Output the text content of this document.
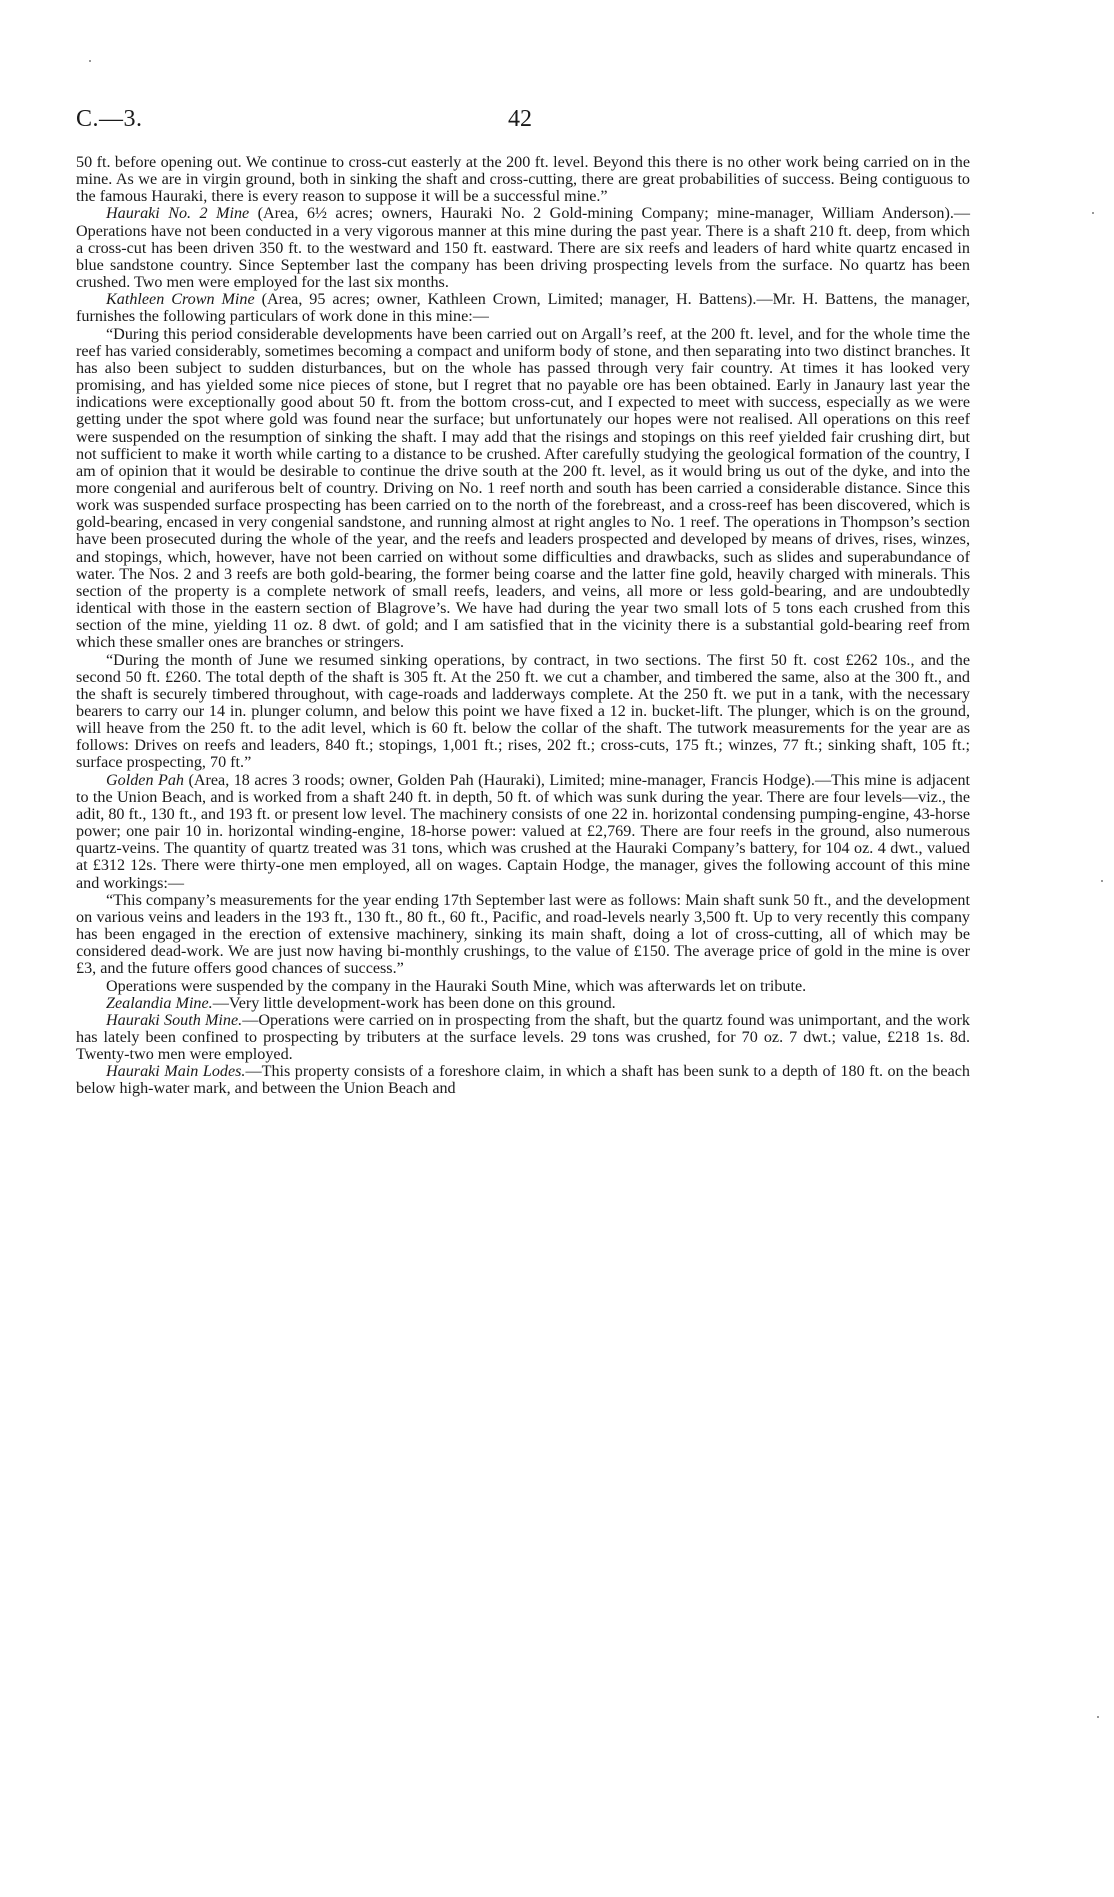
C.—3.	42

50 ft. before opening out. We continue to cross-cut easterly at the 200 ft. level. Beyond this there is no other work being carried on in the mine. As we are in virgin ground, both in sinking the shaft and cross-cutting, there are great probabilities of success. Being contiguous to the famous Hauraki, there is every reason to suppose it will be a successful mine.”

Hauraki No. 2 Mine (Area, 6½ acres; owners, Hauraki No. 2 Gold-mining Company; mine-manager, William Anderson).—Operations have not been conducted in a very vigorous manner at this mine during the past year. There is a shaft 210 ft. deep, from which a cross-cut has been driven 350 ft. to the westward and 150 ft. eastward. There are six reefs and leaders of hard white quartz encased in blue sandstone country. Since September last the company has been driving prospecting levels from the surface. No quartz has been crushed. Two men were employed for the last six months.

Kathleen Crown Mine (Area, 95 acres; owner, Kathleen Crown, Limited; manager, H. Battens).—Mr. H. Battens, the manager, furnishes the following particulars of work done in this mine:—

“During this period considerable developments have been carried out on Argall’s reef, at the 200 ft. level, and for the whole time the reef has varied considerably, sometimes becoming a compact and uniform body of stone, and then separating into two distinct branches. It has also been subject to sudden disturbances, but on the whole has passed through very fair country. At times it has looked very promising, and has yielded some nice pieces of stone, but I regret that no payable ore has been obtained. Early in Janaury last year the indications were exceptionally good about 50 ft. from the bottom cross-cut, and I expected to meet with success, especially as we were getting under the spot where gold was found near the surface; but unfortunately our hopes were not realised. All operations on this reef were suspended on the resumption of sinking the shaft. I may add that the risings and stopings on this reef yielded fair crushing dirt, but not sufficient to make it worth while carting to a distance to be crushed. After carefully studying the geological formation of the country, I am of opinion that it would be desirable to continue the drive south at the 200 ft. level, as it would bring us out of the dyke, and into the more congenial and auriferous belt of country. Driving on No. 1 reef north and south has been carried a considerable distance. Since this work was suspended surface prospecting has been carried on to the north of the forebreast, and a cross-reef has been discovered, which is gold-bearing, encased in very congenial sandstone, and running almost at right angles to No. 1 reef. The operations in Thompson’s section have been prosecuted during the whole of the year, and the reefs and leaders prospected and developed by means of drives, rises, winzes, and stopings, which, however, have not been carried on without some difficulties and drawbacks, such as slides and superabundance of water. The Nos. 2 and 3 reefs are both gold-bearing, the former being coarse and the latter fine gold, heavily charged with minerals. This section of the property is a complete network of small reefs, leaders, and veins, all more or less gold-bearing, and are undoubtedly identical with those in the eastern section of Blagrove’s. We have had during the year two small lots of 5 tons each crushed from this section of the mine, yielding 11 oz. 8 dwt. of gold; and I am satisfied that in the vicinity there is a substantial gold-bearing reef from which these smaller ones are branches or stringers.

“During the month of June we resumed sinking operations, by contract, in two sections. The first 50 ft. cost £262 10s., and the second 50 ft. £260. The total depth of the shaft is 305 ft. At the 250 ft. we cut a chamber, and timbered the same, also at the 300 ft., and the shaft is securely timbered throughout, with cage-roads and ladderways complete. At the 250 ft. we put in a tank, with the necessary bearers to carry our 14 in. plunger column, and below this point we have fixed a 12 in. bucket-lift. The plunger, which is on the ground, will heave from the 250 ft. to the adit level, which is 60 ft. below the collar of the shaft. The tutwork measurements for the year are as follows: Drives on reefs and leaders, 840 ft.; stopings, 1,001 ft.; rises, 202 ft.; cross-cuts, 175 ft.; winzes, 77 ft.; sinking shaft, 105 ft.; surface prospecting, 70 ft.”

Golden Pah (Area, 18 acres 3 roods; owner, Golden Pah (Hauraki), Limited; mine-manager, Francis Hodge).—This mine is adjacent to the Union Beach, and is worked from a shaft 240 ft. in depth, 50 ft. of which was sunk during the year. There are four levels—viz., the adit, 80 ft., 130 ft., and 193 ft. or present low level. The machinery consists of one 22 in. horizontal condensing pumping-engine, 43-horse power; one pair 10 in. horizontal winding-engine, 18-horse power: valued at £2,769. There are four reefs in the ground, also numerous quartz-veins. The quantity of quartz treated was 31 tons, which was crushed at the Hauraki Company’s battery, for 104 oz. 4 dwt., valued at £312 12s. There were thirty-one men employed, all on wages. Captain Hodge, the manager, gives the following account of this mine and workings:—

“This company’s measurements for the year ending 17th September last were as follows: Main shaft sunk 50 ft., and the development on various veins and leaders in the 193 ft., 130 ft., 80 ft., 60 ft., Pacific, and road-levels nearly 3,500 ft. Up to very recently this company has been engaged in the erection of extensive machinery, sinking its main shaft, doing a lot of cross-cutting, all of which may be considered dead-work. We are just now having bi-monthly crushings, to the value of £150. The average price of gold in the mine is over £3, and the future offers good chances of success.”

Operations were suspended by the company in the Hauraki South Mine, which was afterwards let on tribute.

Zealandia Mine.—Very little development-work has been done on this ground.

Hauraki South Mine.—Operations were carried on in prospecting from the shaft, but the quartz found was unimportant, and the work has lately been confined to prospecting by tributers at the surface levels. 29 tons was crushed, for 70 oz. 7 dwt.; value, £218 1s. 8d. Twenty-two men were employed.

Hauraki Main Lodes.—This property consists of a foreshore claim, in which a shaft has been sunk to a depth of 180 ft. on the beach below high-water mark, and between the Union Beach and
